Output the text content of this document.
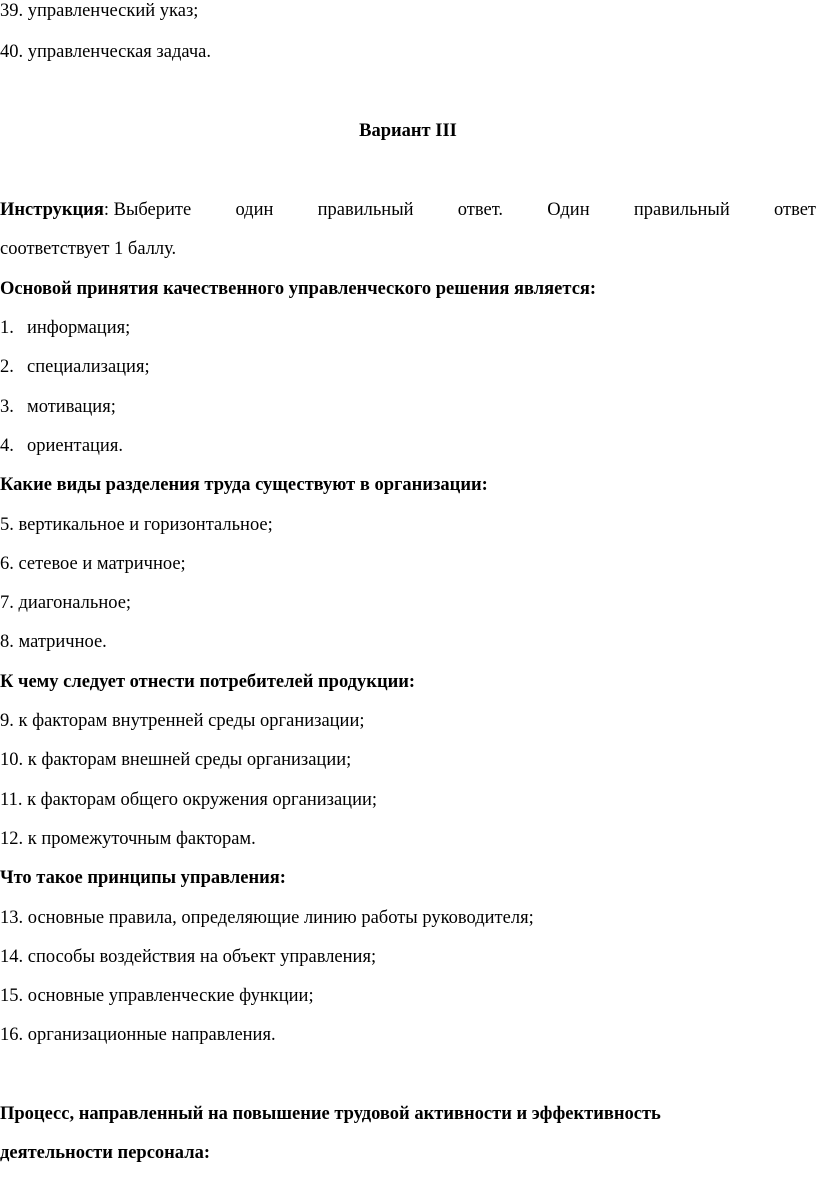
39. управленческий указ;

40. управленческая задача.

Вариант III

Инструкция: Выберите один правильный ответ. Один правильный ответ

соответствует 1 баллу.

Основой принятия качественного управленческого решения является:

1. информация;

2. специализация;

3. мотивация;

4. ориентация.

Какие виды разделения труда существуют в организации:

5. вертикальное и горизонтальное;

6. сетевое и матричное;

7. диагональное;

8. матричное.

К чему следует отнести потребителей продукции:

9. к факторам внутренней среды организации;

10. к факторам внешней среды организации;

11. к факторам общего окружения организации;

12. к промежуточным факторам.

Что такое принципы управления:

13. основные правила, определяющие линию работы руководителя;

14. способы воздействия на объект управления;

15. основные управленческие функции;

16. организационные направления.

Процесс, направленный на повышение трудовой активности и эффективность

деятельности персонала:
